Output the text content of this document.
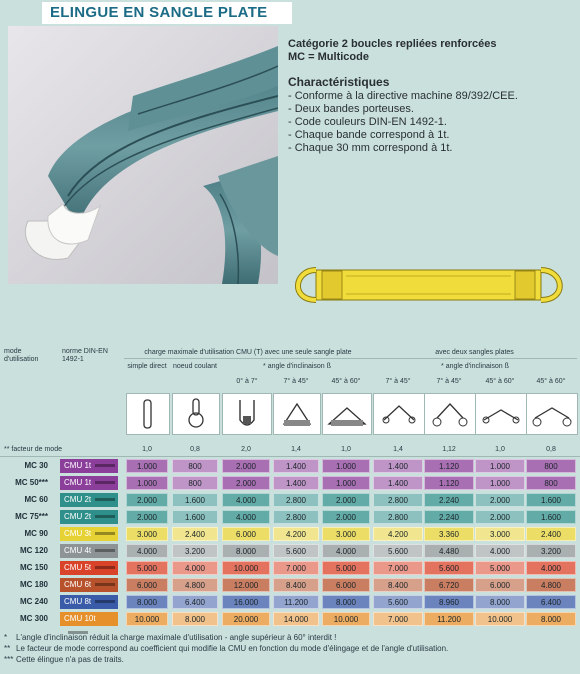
ELINGUE EN SANGLE PLATE
Catégorie 2 boucles repliées renforcées
MC = Multicode
Charactéristiques
- Conforme à la directive machine 89/392/CEE.
- Deux bandes porteuses.
- Code couleurs DIN-EN 1492-1.
- Chaque bande correspond à 1t.
- Chaque 30 mm correspond à 1t.
mode d'utilisation
norme DIN-EN 1492-1
charge maximale d'utilisation CMU (T) avec une seule sangle plate	avec deux sangles plates
simple direct noeud coulant	* angle d'inclinaison ß	* angle d'inclinaison ß
0° à 7°	7° à 45°	45° à 60°	7° à 45°	7° à 45°	45° à 60°	45° à 60°
** facteur de mode	1,0	0,8	2,0	1,4	1,0	1,4	1,12	1,0	0,8
MC 30	CMU 1t	1.000	800	2.000	1.400	1.000	1.400	1.120	1.000	800
MC 50***	CMU 1t	1.000	800	2.000	1.400	1.000	1.400	1.120	1.000	800
MC 60	CMU 2t	2.000	1.600	4.000	2.800	2.000	2.800	2.240	2.000	1.600
MC 75***	CMU 2t	2.000	1.600	4.000	2.800	2.000	2.800	2.240	2.000	1.600
MC 90	CMU 3t	3.000	2.400	6.000	4.200	3.000	4.200	3.360	3.000	2.400
MC 120	CMU 4t	4.000	3.200	8.000	5.600	4.000	5.600	4.480	4.000	3.200
MC 150	CMU 5t	5.000	4.000	10.000	7.000	5.000	7.000	5.600	5.000	4.000
MC 180	CMU 6t	6.000	4.800	12.000	8.400	6.000	8.400	6.720	6.000	4.800
MC 240	CMU 8t	8.000	6.400	16.000	11.200	8.000	5.600	8.960	8.000	6.400
MC 300	CMU 10t	10.000	8.000	20.000	14.000	10.000	7.000	11.200	10.000	8.000
* L'angle d'inclinaison réduit la charge maximale d'utilisation - angle supérieur à 60° interdit !
** Le facteur de mode correspond au coefficient qui modifie la CMU en fonction du mode d'élingage et de l'angle d'utilisation.
*** Cette élingue n'a pas de traits.
